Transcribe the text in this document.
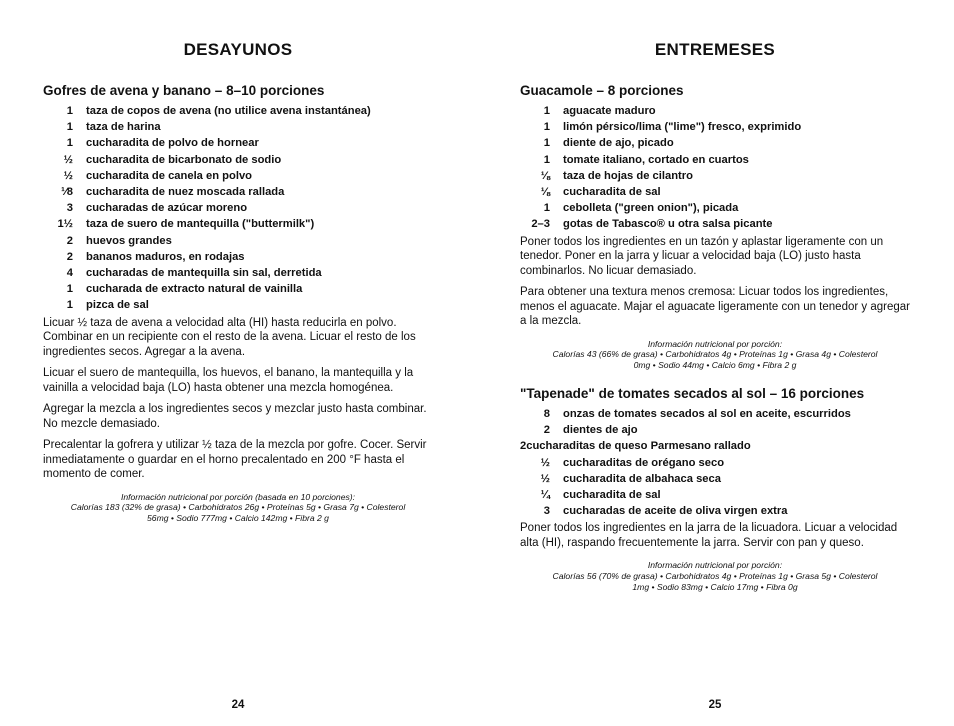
DESAYUNOS
Gofres de avena y banano – 8–10 porciones
1	taza de copos de avena (no utilice avena instantánea)
1	taza de harina
1	cucharadita de polvo de hornear
½	cucharadita de bicarbonato de sodio
½	cucharadita de canela en polvo
¹⁄8	cucharadita de nuez moscada rallada
3	cucharadas de azúcar moreno
1½	taza de suero de mantequilla ("buttermilk")
2	huevos grandes
2	bananos maduros, en rodajas
4	cucharadas de mantequilla sin sal, derretida
1	cucharada de extracto natural de vainilla
1	pizca de sal
Licuar ½ taza de avena a velocidad alta (HI) hasta reducirla en polvo. Combinar en un recipiente con el resto de la avena. Licuar el resto de los ingredientes secos. Agregar a la avena.
Licuar el suero de mantequilla, los huevos, el banano, la mantequilla y la vainilla a velocidad baja (LO) hasta obtener una mezcla homogénea.
Agregar la mezcla a los ingredientes secos y mezclar justo hasta combinar. No mezcle demasiado.
Precalentar la gofrera y utilizar ½ taza de la mezcla por gofre. Cocer. Servir inmediatamente o guardar en el horno precalentado en 200 °F hasta el momento de comer.
Información nutricional por porción (basada en 10 porciones):
Calorías 183 (32% de grasa) • Carbohidratos 26g • Proteínas 5g • Grasa 7g • Colesterol
56mg • Sodio 777mg • Calcio 142mg • Fibra 2 g
24
ENTREMESES
Guacamole – 8 porciones
1	aguacate maduro
1	limón pérsico/lima ("lime") fresco, exprimido
1	diente de ajo, picado
1	tomate italiano, cortado en cuartos
⅛	taza de hojas de cilantro
⅛	cucharadita de sal
1	cebolleta ("green onion"), picada
2–3	gotas de Tabasco® u otra salsa picante
Poner todos los ingredientes en un tazón y aplastar ligeramente con un tenedor. Poner en la jarra y licuar a velocidad baja (LO) justo hasta combinarlos. No licuar demasiado.
Para obtener una textura menos cremosa: Licuar todos los ingredientes, menos el aguacate. Majar el aguacate ligeramente con un tenedor y agregar a la mezcla.
Información nutricional por porción:
Calorías 43 (66% de grasa) • Carbohidratos 4g • Proteínas 1g • Grasa 4g • Colesterol
0mg • Sodio 44mg • Calcio 6mg • Fibra 2 g
"Tapenade" de tomates secados al sol – 16 porciones
8	onzas de tomates secados al sol en aceite, escurridos
2	dientes de ajo
2 cucharaditas de queso Parmesano rallado
½	cucharaditas de orégano seco
½	cucharadita de albahaca seca
¼	cucharadita de sal
3	cucharadas de aceite de oliva virgen extra
Poner todos los ingredientes en la jarra de la licuadora. Licuar a velocidad alta (HI), raspando frecuentemente la jarra. Servir con pan y queso.
Información nutricional por porción:
Calorías 56 (70% de grasa) • Carbohidratos 4g • Proteínas 1g • Grasa 5g • Colesterol
1mg • Sodio 83mg • Calcio 17mg • Fibra 0g
25
